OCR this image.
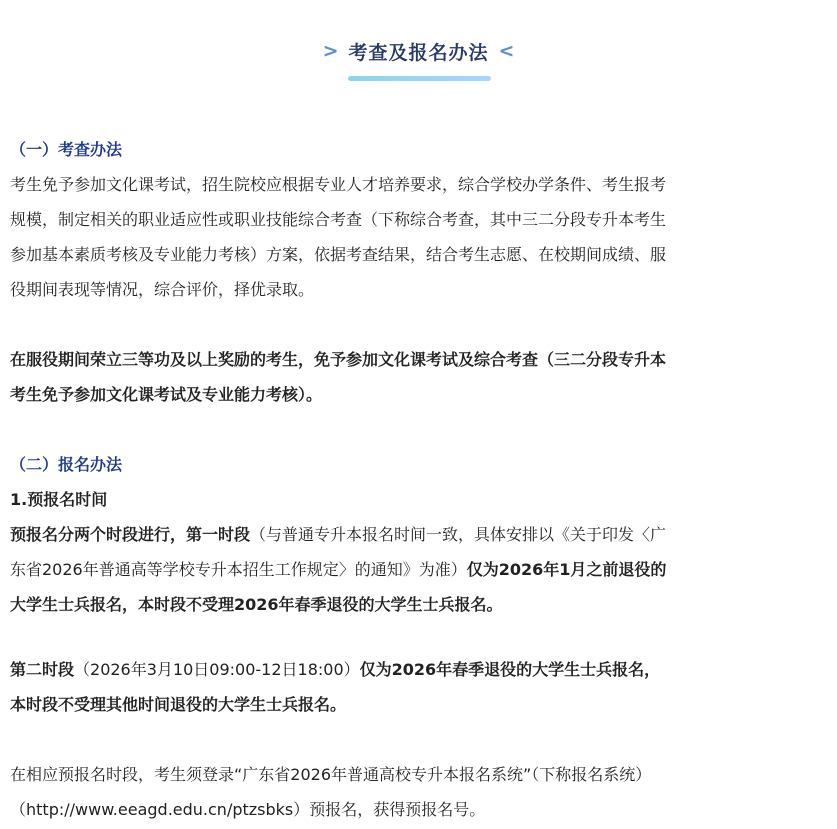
> 考查及报名办法 <
（一）考查办法
考生免予参加文化课考试，招生院校应根据专业人才培养要求，综合学校办学条件、考生报考
规模，制定相关的职业适应性或职业技能综合考查（下称综合考查，其中三二分段专升本考生
参加基本素质考核及专业能力考核）方案，依据考查结果，结合考生志愿、在校期间成绩、服
役期间表现等情况，综合评价，择优录取。
在服役期间荣立三等功及以上奖励的考生，免予参加文化课考试及综合考查（三二分段专升本
考生免予参加文化课考试及专业能力考核）。
（二）报名办法
1.预报名时间
预报名分两个时段进行，第一时段（与普通专升本报名时间一致，具体安排以《关于印发〈广
东省2026年普通高等学校专升本招生工作规定〉的通知》为准）仅为2026年1月之前退役的
大学生士兵报名，本时段不受理2026年春季退役的大学生士兵报名。
第二时段（2026年3月10日09:00-12日18:00）仅为2026年春季退役的大学生士兵报名，
本时段不受理其他时间退役的大学生士兵报名。
在相应预报名时段，考生须登录“广东省2026年普通高校专升本报名系统”（下称报名系统）
（http://www.eeagd.edu.cn/ptzsbks）预报名，获得预报名号。
